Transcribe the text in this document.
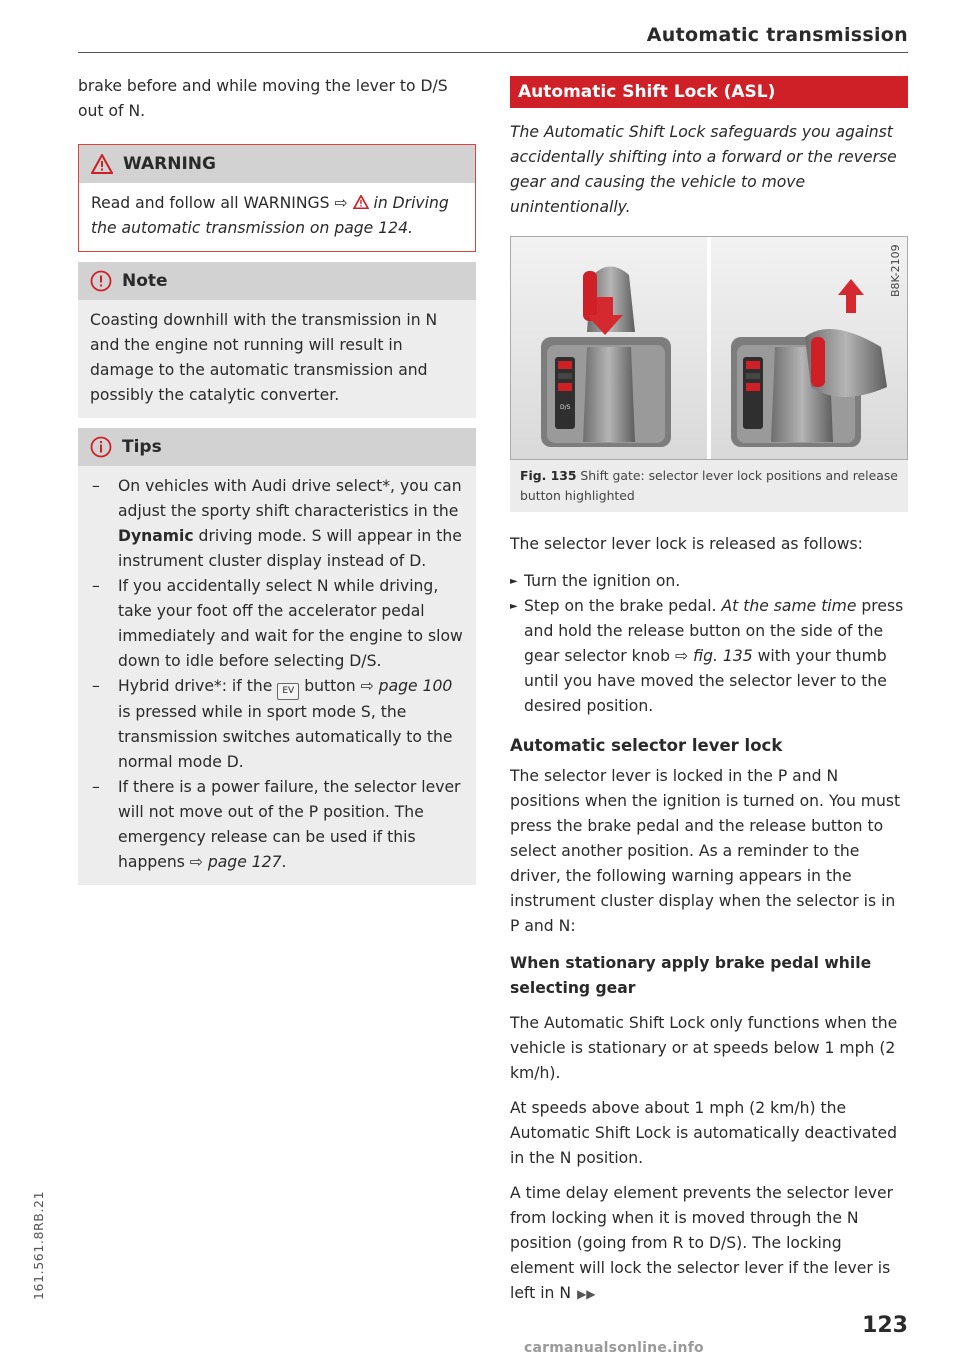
Automatic transmission

brake before and while moving the lever to D/S out of N.

WARNING

Read and follow all WARNINGS ⇨ in Driving the automatic transmission on page 124.

Note

Coasting downhill with the transmission in N and the engine not running will result in damage to the automatic transmission and possibly the catalytic converter.

Tips
– On vehicles with Audi drive select*, you can adjust the sporty shift characteristics in the Dynamic driving mode. S will appear in the instrument cluster display instead of D.
– If you accidentally select N while driving, take your foot off the accelerator pedal immediately and wait for the engine to slow down to idle before selecting D/S.
– Hybrid drive*: if the EV button ⇨ page 100 is pressed while in sport mode S, the transmission switches automatically to the normal mode D.
– If there is a power failure, the selector lever will not move out of the P position. The emergency release can be used if this happens ⇨ page 127.
Automatic Shift Lock (ASL)

The Automatic Shift Lock safeguards you against accidentally shifting into a forward or the reverse gear and causing the vehicle to move unintentionally.

D/S
B8K-2109
Fig. 135 Shift gate: selector lever lock positions and release button highlighted

The selector lever lock is released as follows:

► Turn the ignition on.
► Step on the brake pedal. At the same time press and hold the release button on the side of the gear selector knob ⇨ fig. 135 with your thumb until you have moved the selector lever to the desired position.
Automatic selector lever lock

The selector lever is locked in the P and N positions when the ignition is turned on. You must press the brake pedal and the release button to select another position. As a reminder to the driver, the following warning appears in the instrument cluster display when the selector is in P and N:

When stationary apply brake pedal while selecting gear

The Automatic Shift Lock only functions when the vehicle is stationary or at speeds below 1 mph (2 km/h).

At speeds above about 1 mph (2 km/h) the Automatic Shift Lock is automatically deactivated in the N position.

A time delay element prevents the selector lever from locking when it is moved through the N position (going from R to D/S). The locking element will lock the selector lever if the lever is left in N ▶▶

123
161.561.8RB.21
carmanualsonline.info
